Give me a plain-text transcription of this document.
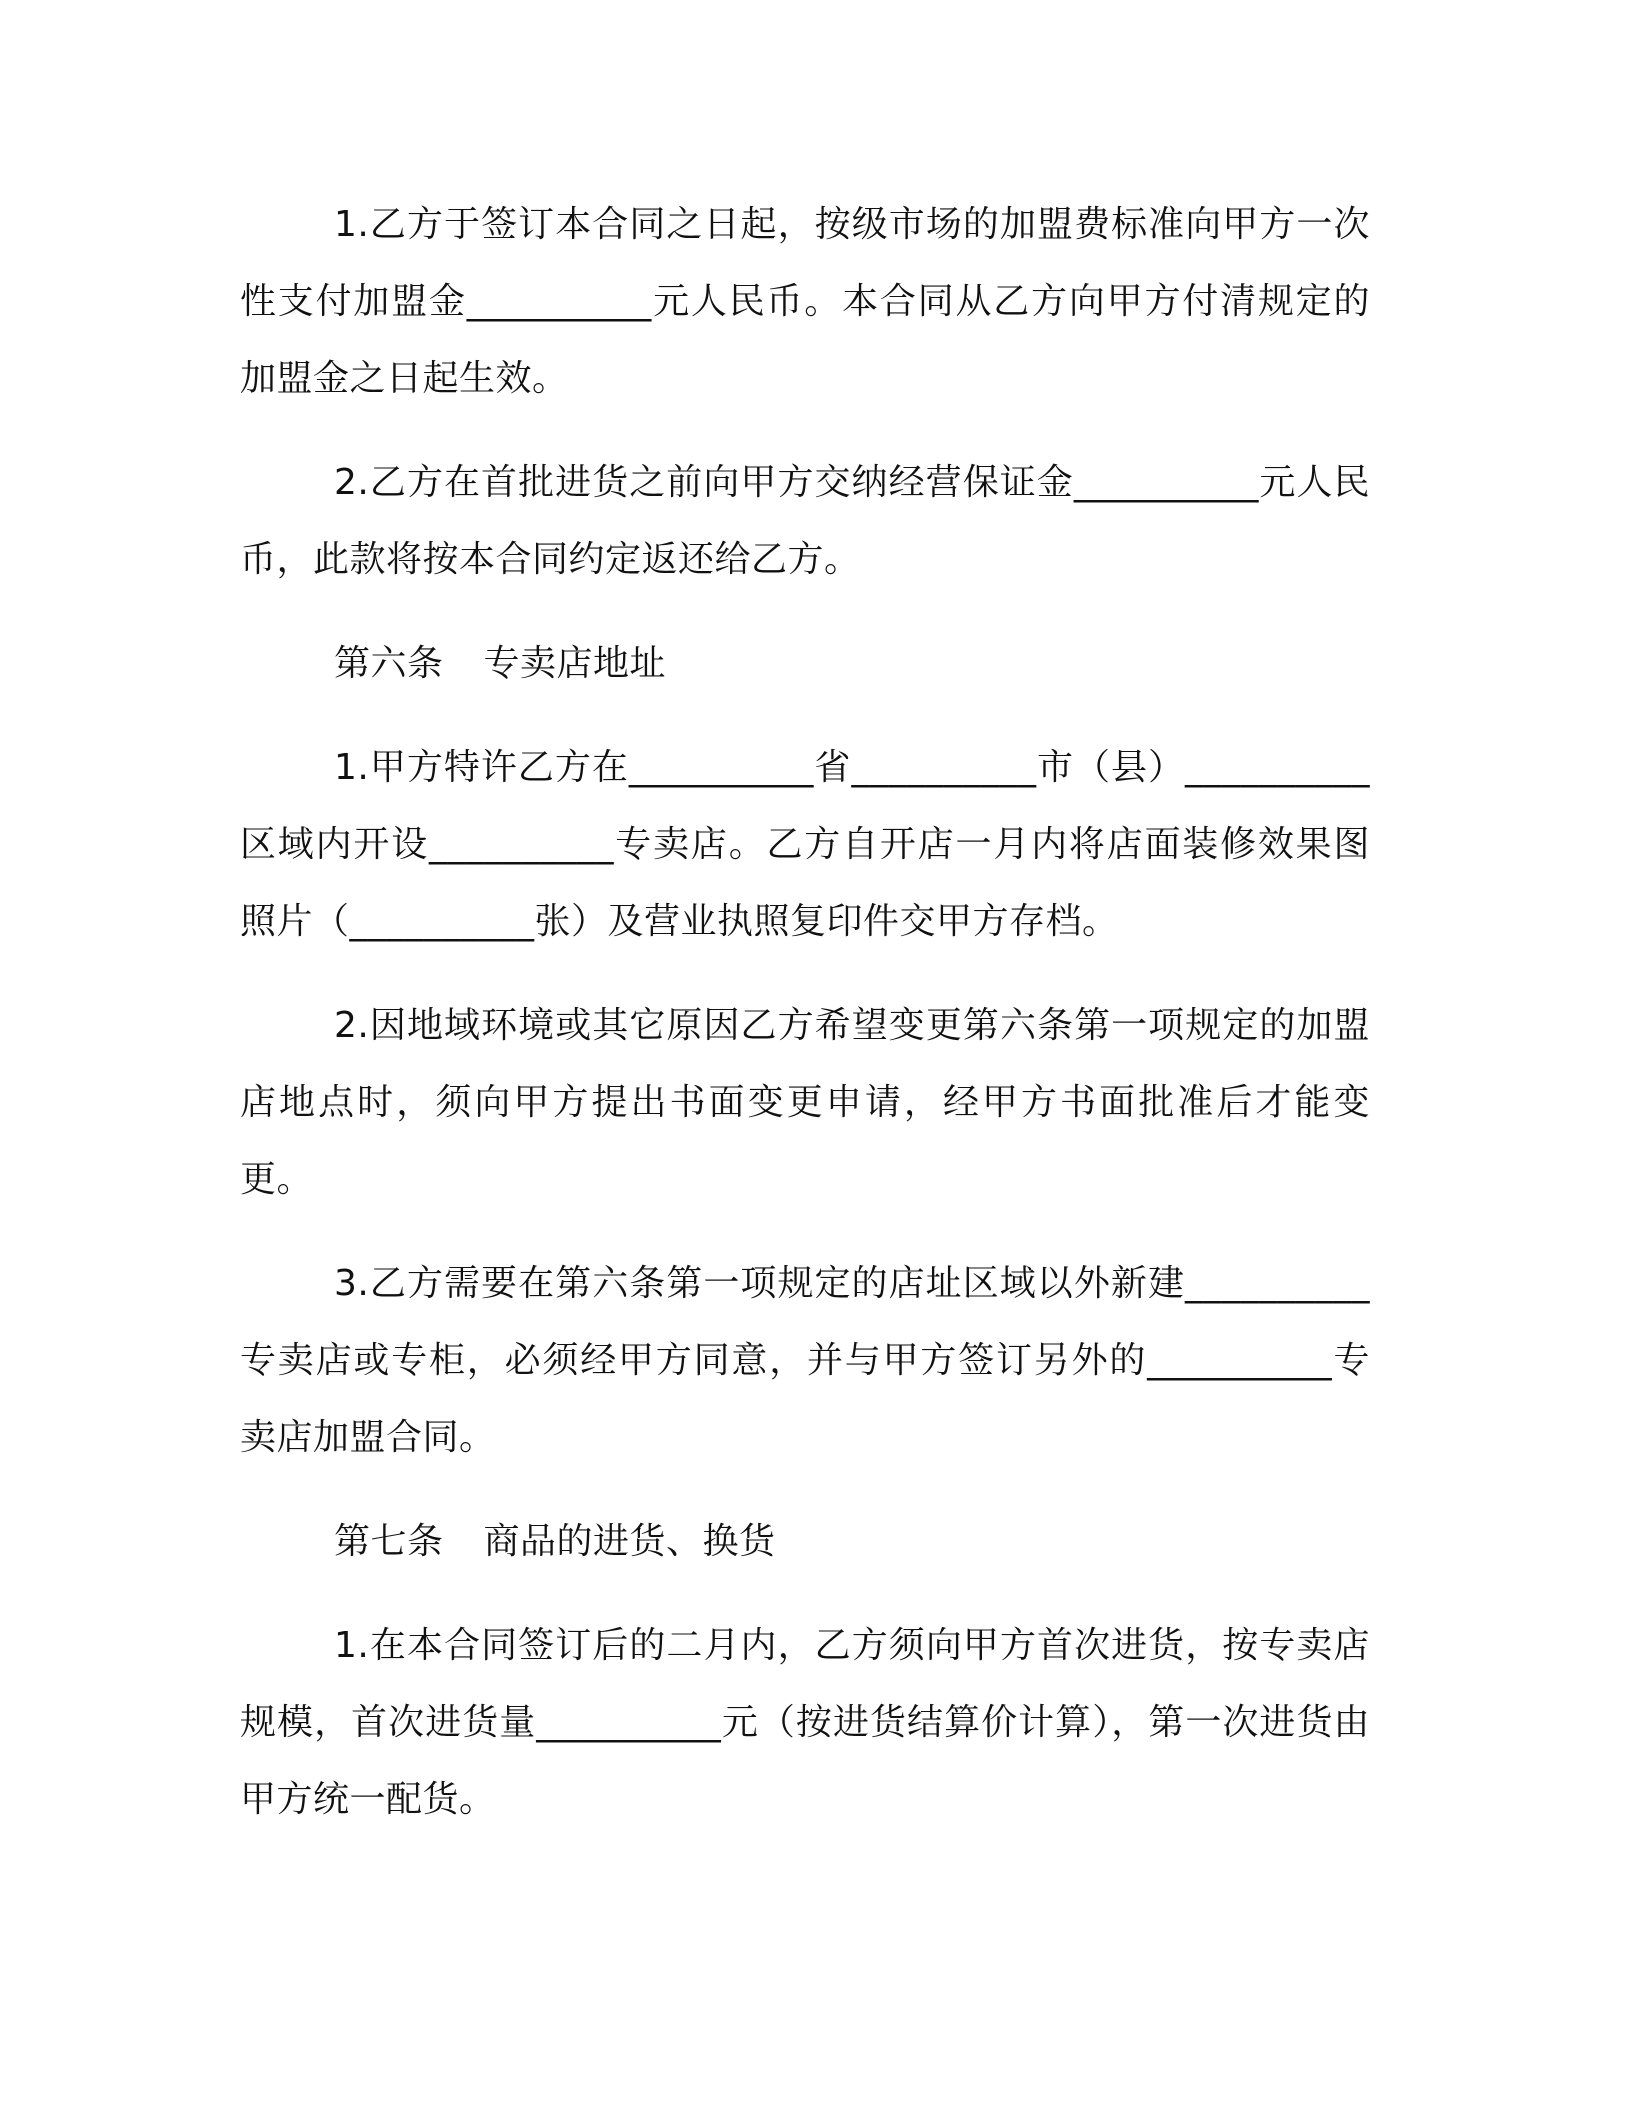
1.乙方于签订本合同之日起，按级市场的加盟费标准向甲方一次性支付加盟金__________元人民币。本合同从乙方向甲方付清规定的加盟金之日起生效。

2.乙方在首批进货之前向甲方交纳经营保证金__________元人民币，此款将按本合同约定返还给乙方。

第六条 专卖店地址

1.甲方特许乙方在__________省__________市（县）__________区域内开设__________专卖店。乙方自开店一月内将店面装修效果图照片（__________张）及营业执照复印件交甲方存档。

2.因地域环境或其它原因乙方希望变更第六条第一项规定的加盟店地点时，须向甲方提出书面变更申请，经甲方书面批准后才能变更。

3.乙方需要在第六条第一项规定的店址区域以外新建__________专卖店或专柜，必须经甲方同意，并与甲方签订另外的__________专卖店加盟合同。

第七条 商品的进货、换货

1.在本合同签订后的二月内，乙方须向甲方首次进货，按专卖店规模，首次进货量__________元（按进货结算价计算），第一次进货由甲方统一配货。
